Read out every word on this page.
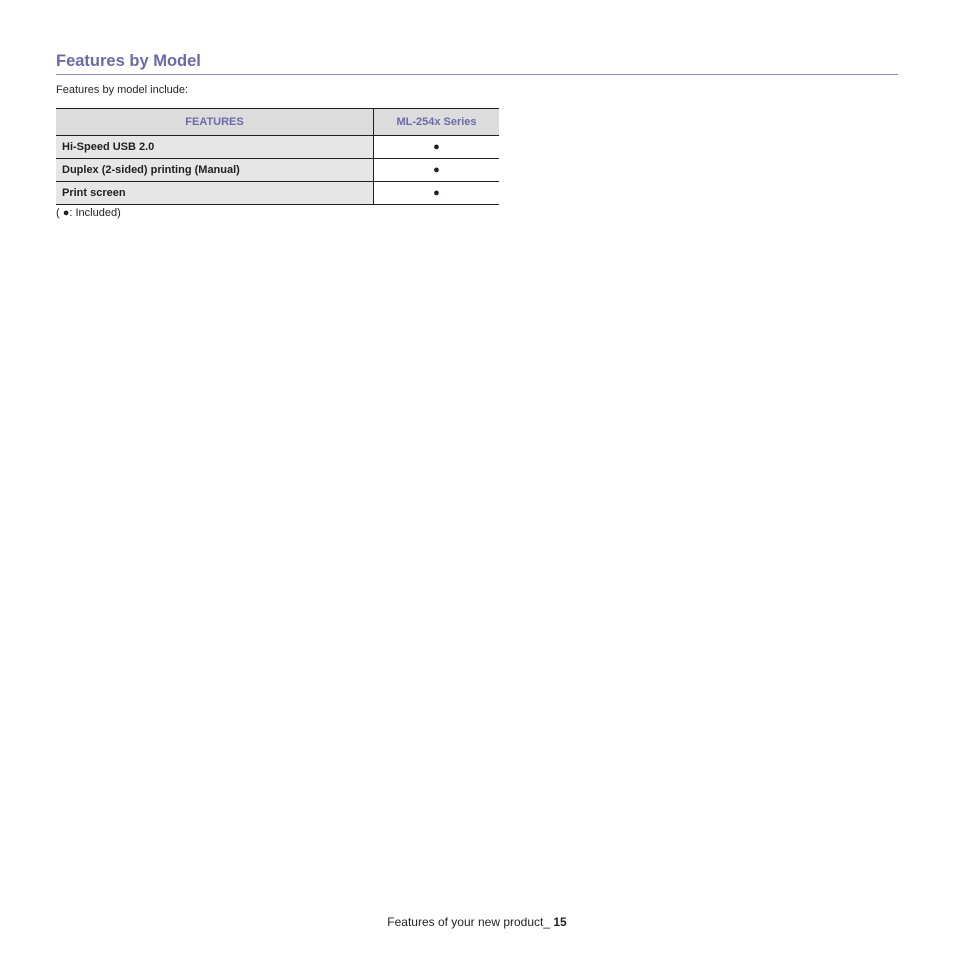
Features by Model

Features by model include:

FEATURES	ML-254x Series
Hi-Speed USB 2.0	●
Duplex (2-sided) printing (Manual)	●
Print screen	●

( ●: Included)

Features of your new product_ 15
